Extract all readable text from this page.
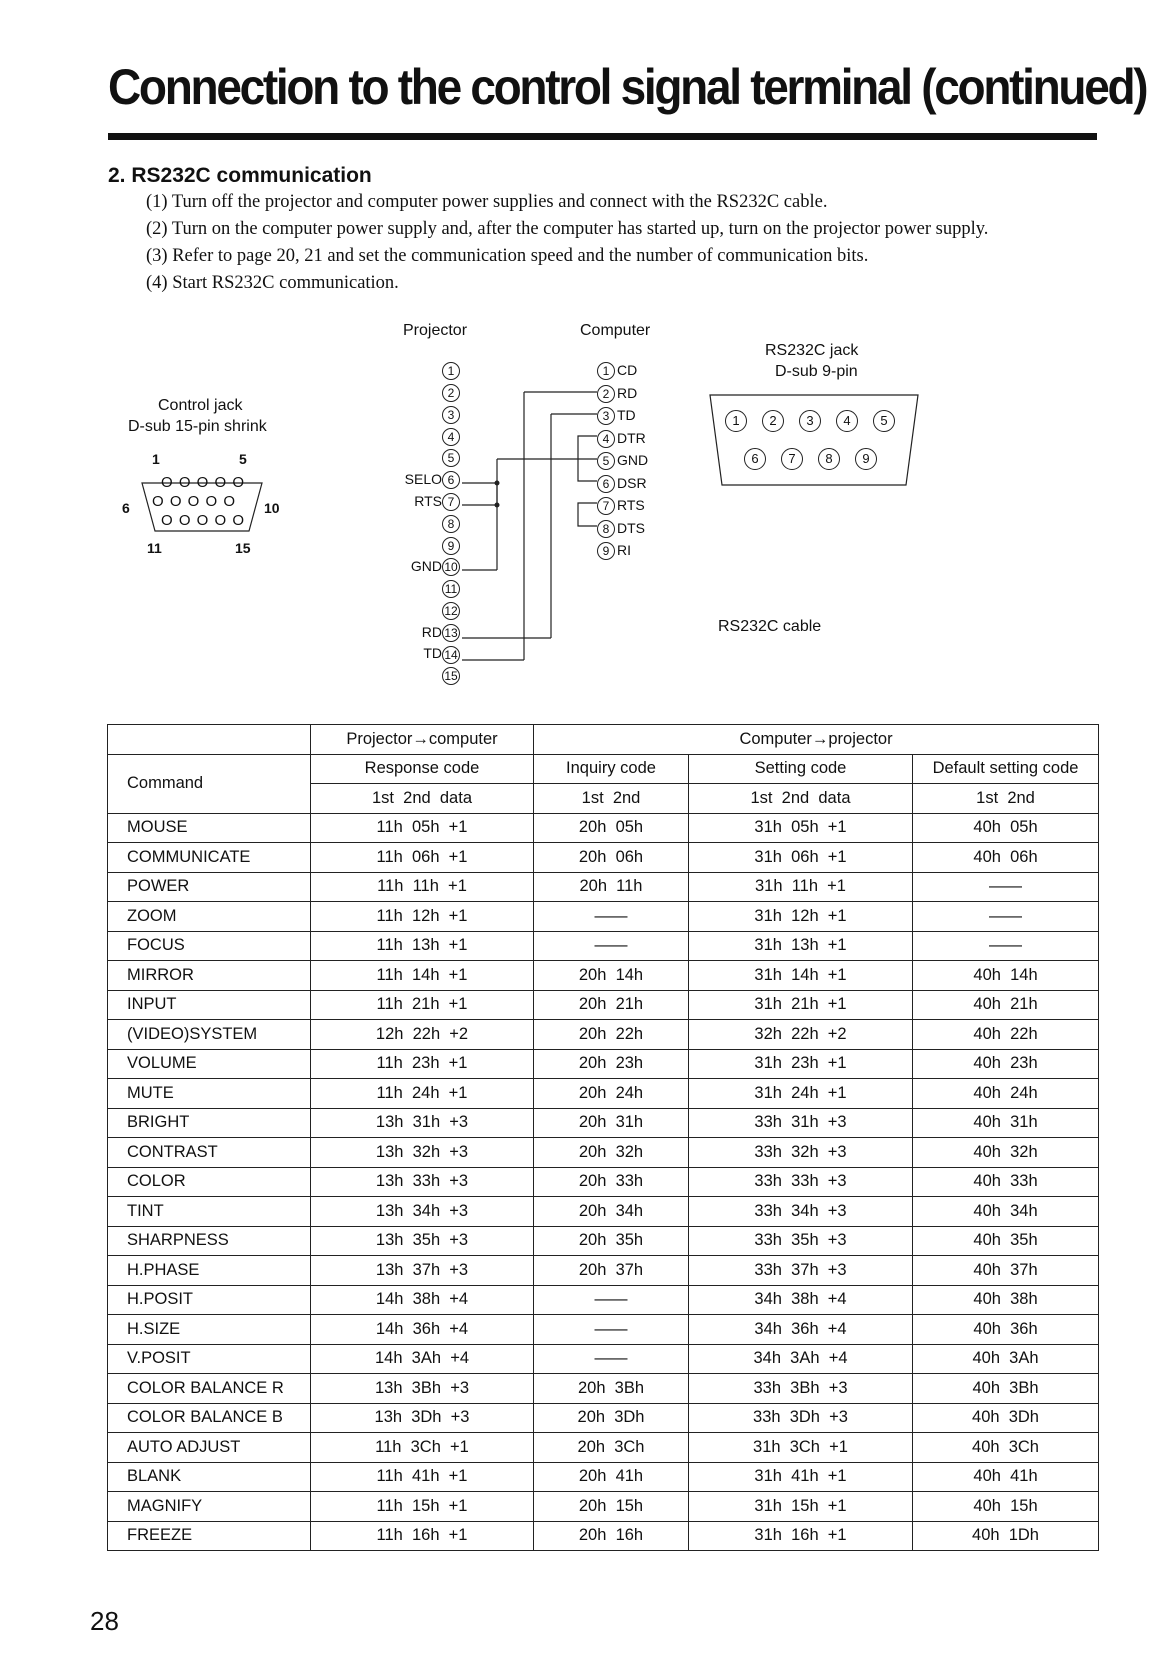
Connection to the control signal terminal (continued)
2. RS232C communication
(1) Turn off the projector and computer power supplies and connect with the RS232C cable.
(2) Turn on the computer power supply and, after the computer has started up, turn on the projector power supply.
(3) Refer to page 20, 21 and set the communication speed and the number of communication bits.
(4) Start RS232C communication.
Projector	Computer
Control jack
D-sub 15-pin shrink
RS232C jack
D-sub 9-pin
RS232C cable
1	5
6	10
11	15
O O O O O
O O O O O
O O O O O
1
2
3
4
5
SELO 6
RTS 7
8
9
GND 10
11
12
RD 13
TD 14
15
1 CD
2 RD
3 TD
4 DTR
5 GND
6 DSR
7 RTS
8 DTS
9 RI
1	2	3	4	5
6	7	8	9
	Projector→computer	Computer→projector		
Command	Response code	Inquiry code	Setting code	Default setting code
	1st  2nd  data	1st  2nd	1st  2nd  data	1st  2nd
MOUSE	11h  05h  +1	20h  05h	31h  05h  +1	40h  05h
COMMUNICATE	11h  06h  +1	20h  06h	31h  06h  +1	40h  06h
POWER	11h  11h  +1	20h  11h	31h  11h  +1	——
ZOOM	11h  12h  +1	——	31h  12h  +1	——
FOCUS	11h  13h  +1	——	31h  13h  +1	——
MIRROR	11h  14h  +1	20h  14h	31h  14h  +1	40h  14h
INPUT	11h  21h  +1	20h  21h	31h  21h  +1	40h  21h
(VIDEO)SYSTEM	12h  22h  +2	20h  22h	32h  22h  +2	40h  22h
VOLUME	11h  23h  +1	20h  23h	31h  23h  +1	40h  23h
MUTE	11h  24h  +1	20h  24h	31h  24h  +1	40h  24h
BRIGHT	13h  31h  +3	20h  31h	33h  31h  +3	40h  31h
CONTRAST	13h  32h  +3	20h  32h	33h  32h  +3	40h  32h
COLOR	13h  33h  +3	20h  33h	33h  33h  +3	40h  33h
TINT	13h  34h  +3	20h  34h	33h  34h  +3	40h  34h
SHARPNESS	13h  35h  +3	20h  35h	33h  35h  +3	40h  35h
H.PHASE	13h  37h  +3	20h  37h	33h  37h  +3	40h  37h
H.POSIT	14h  38h  +4	——	34h  38h  +4	40h  38h
H.SIZE	14h  36h  +4	——	34h  36h  +4	40h  36h
V.POSIT	14h  3Ah  +4	——	34h  3Ah  +4	40h  3Ah
COLOR BALANCE R	13h  3Bh  +3	20h  3Bh	33h  3Bh  +3	40h  3Bh
COLOR BALANCE B	13h  3Dh  +3	20h  3Dh	33h  3Dh  +3	40h  3Dh
AUTO ADJUST	11h  3Ch  +1	20h  3Ch	31h  3Ch  +1	40h  3Ch
BLANK	11h  41h  +1	20h  41h	31h  41h  +1	40h  41h
MAGNIFY	11h  15h  +1	20h  15h	31h  15h  +1	40h  15h
FREEZE	11h  16h  +1	20h  16h	31h  16h  +1	40h  1Dh
28
